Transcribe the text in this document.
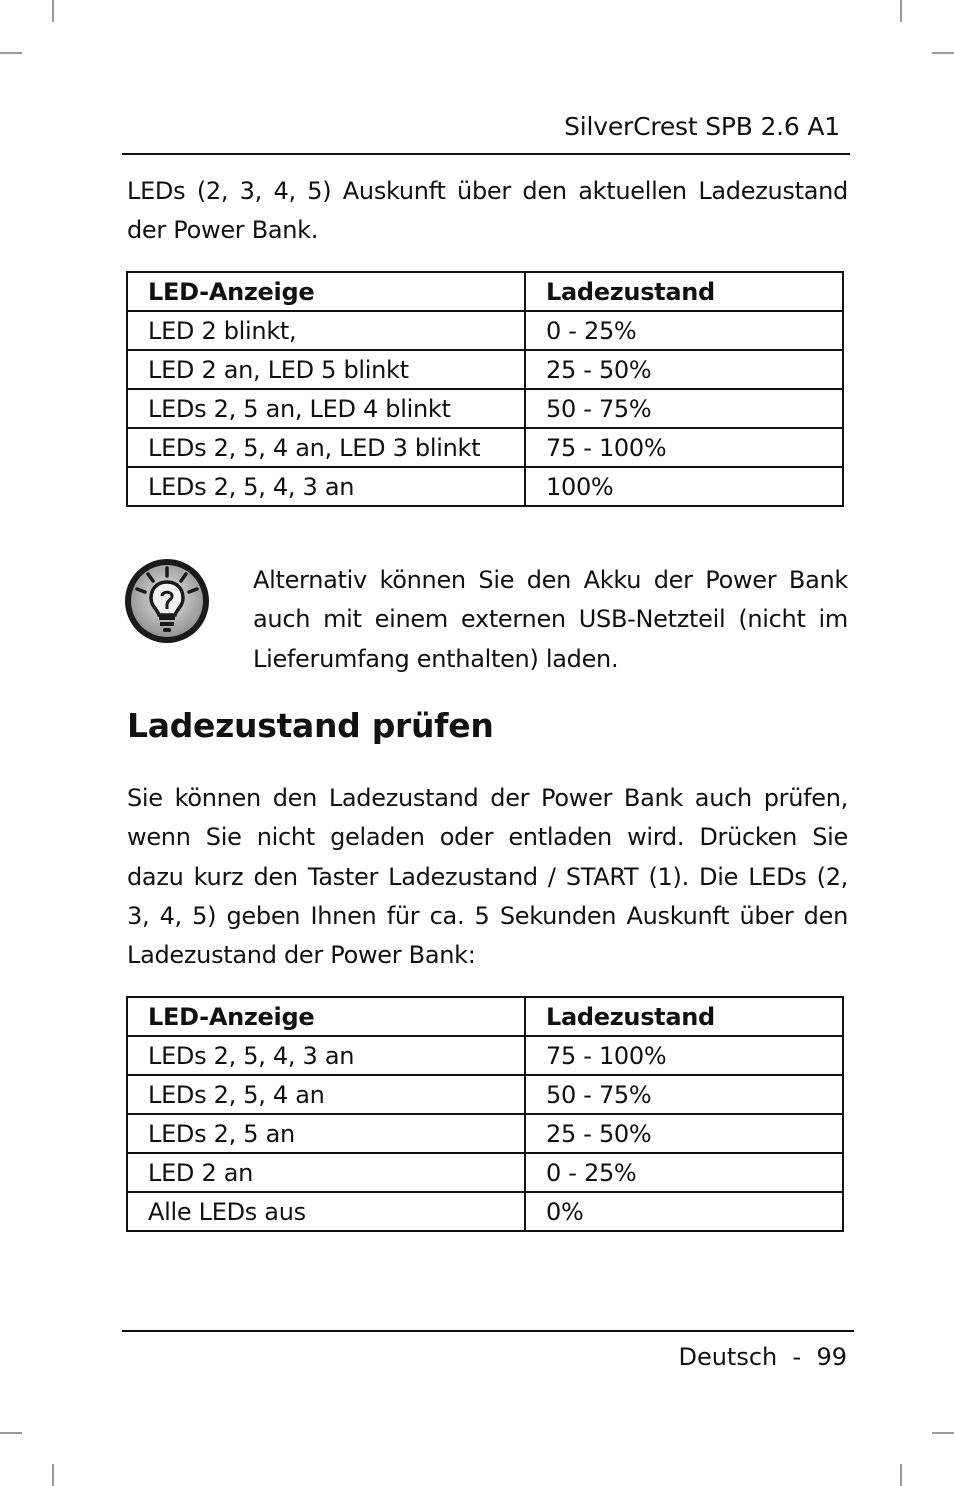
SilverCrest SPB 2.6 A1

LEDs (2, 3, 4, 5) Auskunft über den aktuellen Ladezustand der Power Bank.

LED-Anzeige	Ladezustand
LED 2 blinkt,	0 - 25%
LED 2 an, LED 5 blinkt	25 - 50%
LEDs 2, 5 an, LED 4 blinkt	50 - 75%
LEDs 2, 5, 4 an, LED 3 blinkt	75 - 100%
LEDs 2, 5, 4, 3 an	100%

Alternativ können Sie den Akku der Power Bank auch mit einem externen USB-Netzteil (nicht im Lieferumfang enthalten) laden.

Ladezustand prüfen

Sie können den Ladezustand der Power Bank auch prüfen, wenn Sie nicht geladen oder entladen wird. Drücken Sie dazu kurz den Taster Ladezustand / START (1). Die LEDs (2, 3, 4, 5) geben Ihnen für ca. 5 Sekunden Auskunft über den Ladezustand der Power Bank:

LED-Anzeige	Ladezustand
LEDs 2, 5, 4, 3 an	75 - 100%
LEDs 2, 5, 4 an	50 - 75%
LEDs 2, 5 an	25 - 50%
LED 2 an	0 - 25%
Alle LEDs aus	0%
Deutsch - 99
